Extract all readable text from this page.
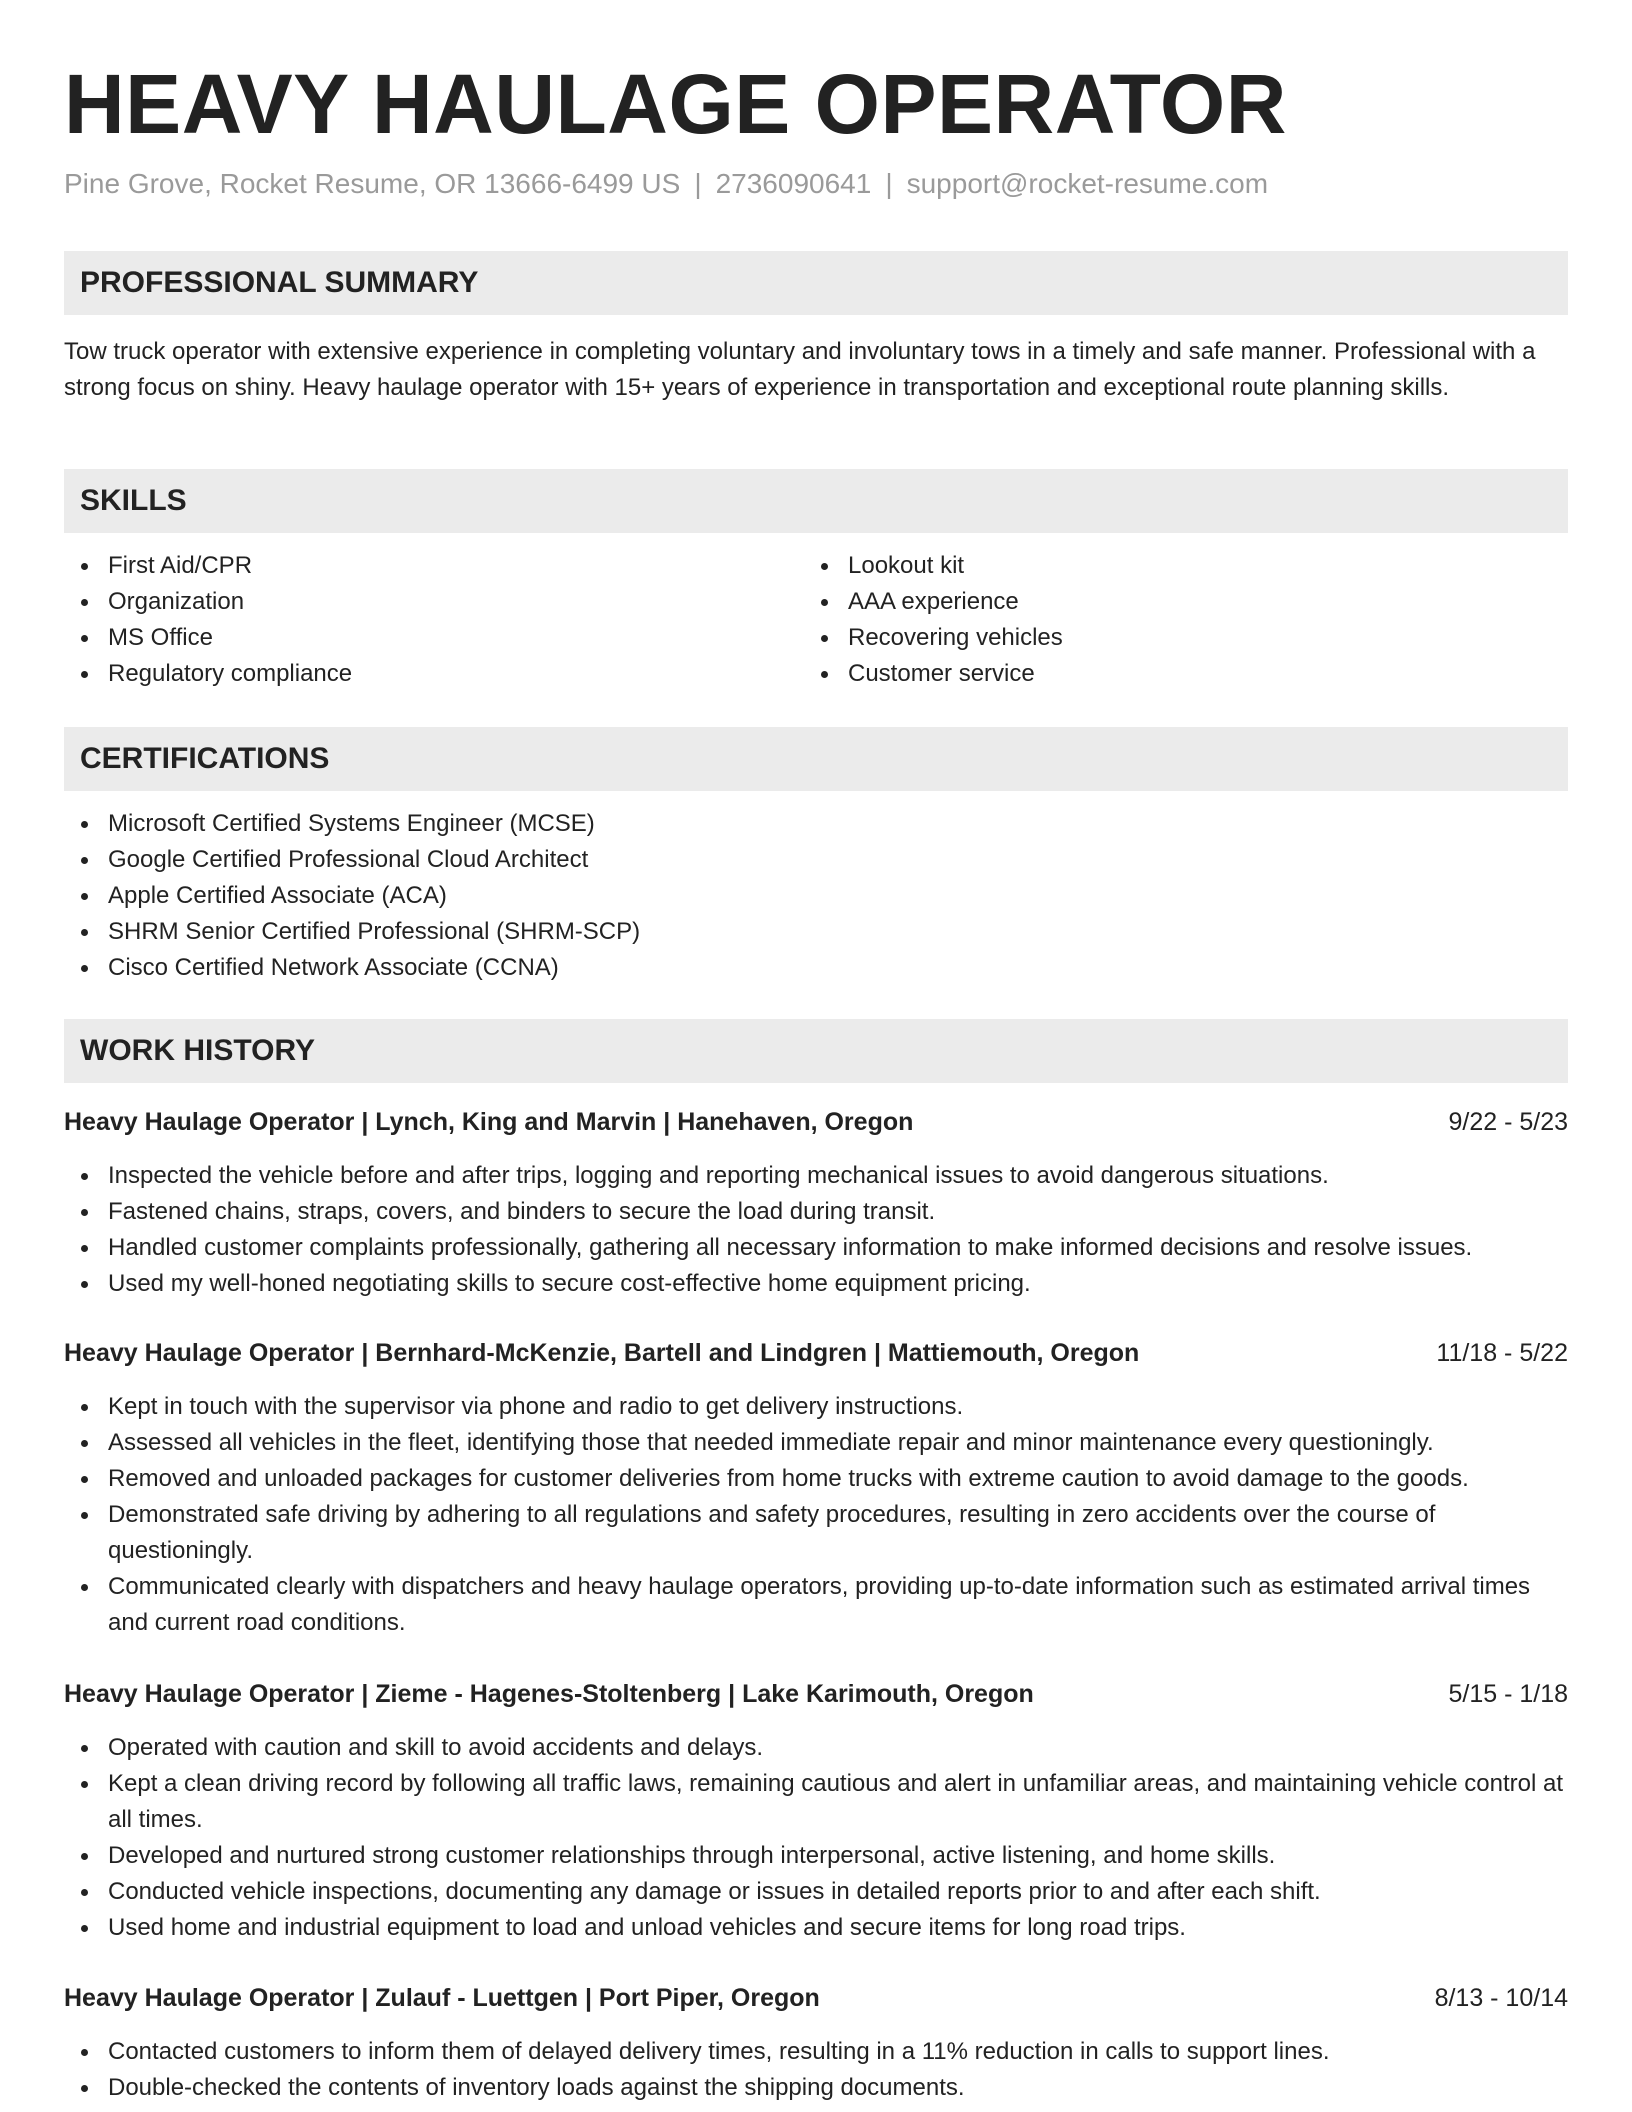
HEAVY HAULAGE OPERATOR
Pine Grove, Rocket Resume, OR 13666-6499 US | 2736090641 | support@rocket-resume.com
PROFESSIONAL SUMMARY
Tow truck operator with extensive experience in completing voluntary and involuntary tows in a timely and safe manner. Professional with a strong focus on shiny. Heavy haulage operator with 15+ years of experience in transportation and exceptional route planning skills.
SKILLS
First Aid/CPR
Organization
MS Office
Regulatory compliance
Lookout kit
AAA experience
Recovering vehicles
Customer service
CERTIFICATIONS
Microsoft Certified Systems Engineer (MCSE)
Google Certified Professional Cloud Architect
Apple Certified Associate (ACA)
SHRM Senior Certified Professional (SHRM-SCP)
Cisco Certified Network Associate (CCNA)
WORK HISTORY
Heavy Haulage Operator | Lynch, King and Marvin | Hanehaven, Oregon	9/22 - 5/23
Inspected the vehicle before and after trips, logging and reporting mechanical issues to avoid dangerous situations.
Fastened chains, straps, covers, and binders to secure the load during transit.
Handled customer complaints professionally, gathering all necessary information to make informed decisions and resolve issues.
Used my well-honed negotiating skills to secure cost-effective home equipment pricing.
Heavy Haulage Operator | Bernhard-McKenzie, Bartell and Lindgren | Mattiemouth, Oregon	11/18 - 5/22
Kept in touch with the supervisor via phone and radio to get delivery instructions.
Assessed all vehicles in the fleet, identifying those that needed immediate repair and minor maintenance every questioningly.
Removed and unloaded packages for customer deliveries from home trucks with extreme caution to avoid damage to the goods.
Demonstrated safe driving by adhering to all regulations and safety procedures, resulting in zero accidents over the course of questioningly.
Communicated clearly with dispatchers and heavy haulage operators, providing up-to-date information such as estimated arrival times and current road conditions.
Heavy Haulage Operator | Zieme - Hagenes-Stoltenberg | Lake Karimouth, Oregon	5/15 - 1/18
Operated with caution and skill to avoid accidents and delays.
Kept a clean driving record by following all traffic laws, remaining cautious and alert in unfamiliar areas, and maintaining vehicle control at all times.
Developed and nurtured strong customer relationships through interpersonal, active listening, and home skills.
Conducted vehicle inspections, documenting any damage or issues in detailed reports prior to and after each shift.
Used home and industrial equipment to load and unload vehicles and secure items for long road trips.
Heavy Haulage Operator | Zulauf - Luettgen | Port Piper, Oregon	8/13 - 10/14
Contacted customers to inform them of delayed delivery times, resulting in a 11% reduction in calls to support lines.
Double-checked the contents of inventory loads against the shipping documents.
